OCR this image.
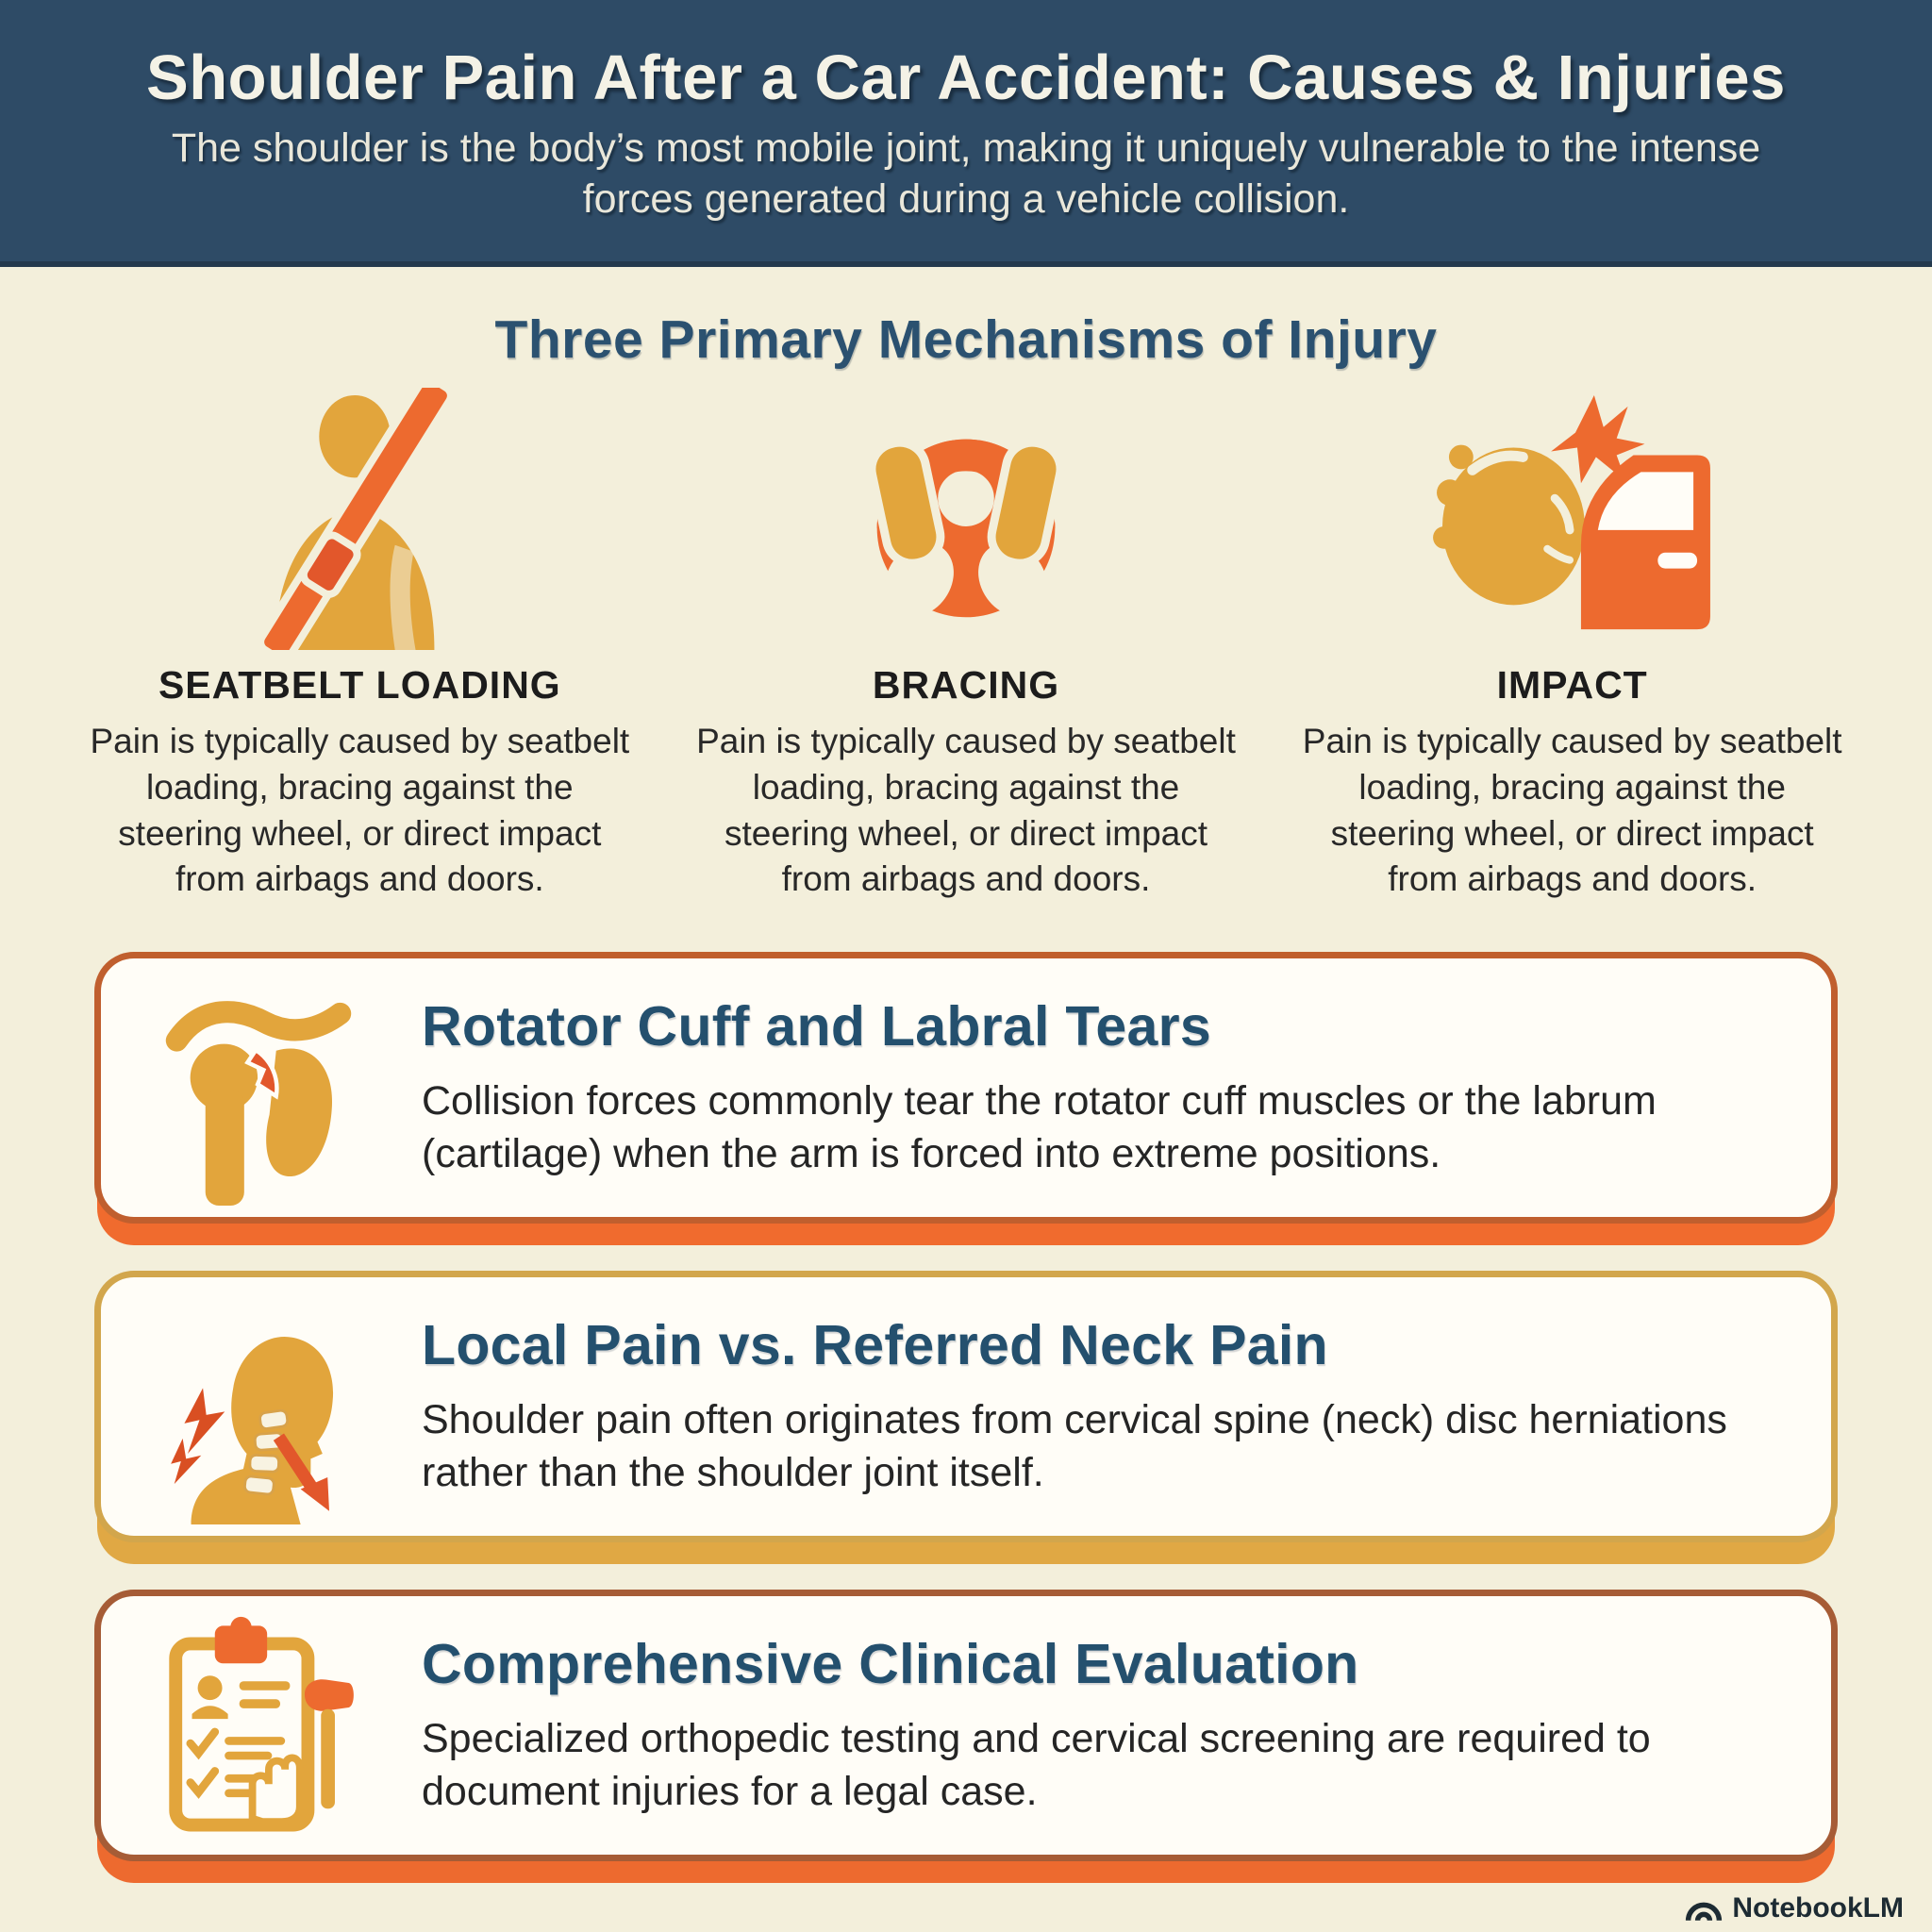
Shoulder Pain After a Car Accident: Causes & Injuries

The shoulder is the body’s most mobile joint, making it uniquely vulnerable to the intense forces generated during a vehicle collision.

Three Primary Mechanisms of Injury
SEATBELT LOADING

Pain is typically caused by seatbelt loading, bracing against the steering wheel, or direct impact from airbags and doors.

BRACING

Pain is typically caused by seatbelt loading, bracing against the steering wheel, or direct impact from airbags and doors.

IMPACT

Pain is typically caused by seatbelt loading, bracing against the steering wheel, or direct impact from airbags and doors.

Rotator Cuff and Labral Tears

Collision forces commonly tear the rotator cuff muscles or the labrum (cartilage) when the arm is forced into extreme positions.

Local Pain vs. Referred Neck Pain

Shoulder pain often originates from cervical spine (neck) disc herniations rather than the shoulder joint itself.

Comprehensive Clinical Evaluation

Specialized orthopedic testing and cervical screening are required to document injuries for a legal case.

NotebookLM
